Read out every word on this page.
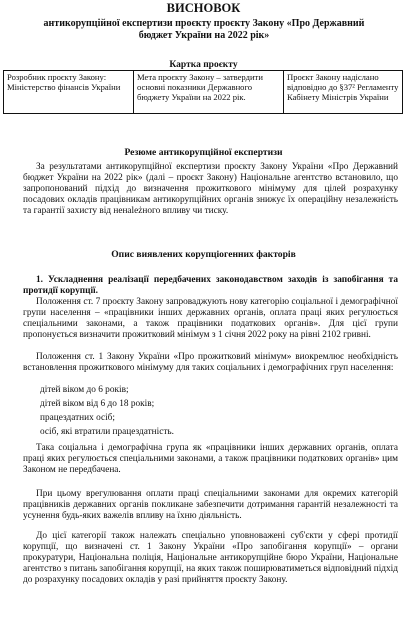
ВИСНОВОК
антикорупційної експертизи проєкту проєкту Закону «Про Державний бюджет України на 2022 рік»
Картка проєкту
Розробник проєкту Закону: Міністерство фінансів України	Мета проєкту Закону – затвердити основні показники Державного бюджету України на 2022 рік.	Проєкт Закону надіслано відповідно до §37² Регламенту Кабінету Міністрів України
Резюме антикорупційної експертизи
За результатами антикорупційної експертизи проєкту Закону України «Про Державний бюджет України на 2022 рік» (далі – проєкт Закону) Національне агентство встановило, що запропонований підхід до визначення прожиткового мінімуму для цілей розрахунку посадових окладів працівникам антикорупційних органів знижує їх операційну незалежність та гарантії захисту від ненależного впливу чи тиску.
Опис виявлених корупціогенних факторів
1. Ускладнення реалізації передбачених законодавством заходів із запобігання та протидії корупції.
Положення ст. 7 проєкту Закону запроваджують нову категорію соціальної і демографічної групи населення – «працівники інших державних органів, оплата праці яких регулюється спеціальними законами, а також працівники податкових органів». Для цієї групи пропонується визначити прожитковий мінімум з 1 січня 2022 року на рівні 2102 гривні.
Положення ст. 1 Закону України «Про прожитковий мінімум» виокремлює необхідність встановлення прожиткового мінімуму для таких соціальних і демографічних груп населення:
дітей віком до 6 років;
дітей віком від 6 до 18 років;
працездатних осіб;
осіб, які втратили працездатність.
Така соціальна і демографічна група як «працівники інших державних органів, оплата праці яких регулюється спеціальними законами, а також працівники податкових органів» цим Законом не передбачена.
При цьому врегулювання оплати праці спеціальними законами для окремих категорій працівників державних органів покликане забезпечити дотримання гарантій незалежності та усунення будь-яких важелів впливу на їхню діяльність.
До цієї категорії також належать спеціально уповноважені суб'єкти у сфері протидії корупції, що визначені ст. 1 Закону України «Про запобігання корупції» – органи прокуратури, Національна поліція, Національне антикорупційне бюро України, Національне агентство з питань запобігання корупції, на яких також поширюватиметься відповідний підхід до розрахунку посадових окладів у разі прийняття проєкту Закону.
